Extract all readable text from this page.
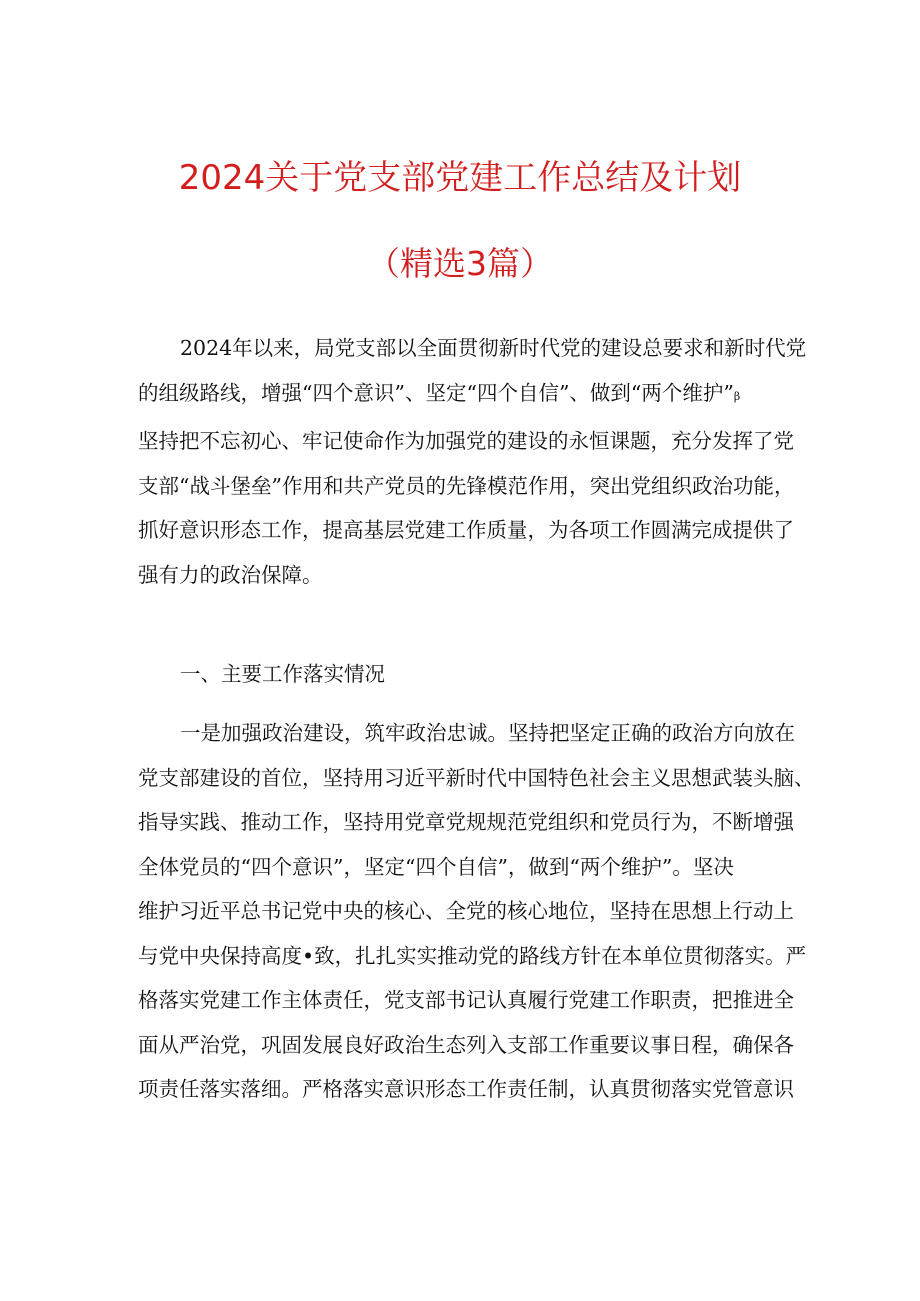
2024关于党支部党建工作总结及计划
（精选3篇）
2024年以来，局党支部以全面贯彻新时代党的建设总要求和新时代党
的组级路线，增强“四个意识”、坚定“四个自信”、做到“两个维护”β
坚持把不忘初心、牢记使命作为加强党的建设的永恒课题，充分发挥了党
支部“战斗堡垒”作用和共产党员的先锋模范作用，突出党组织政治功能，
抓好意识形态工作，提高基层党建工作质量，为各项工作圆满完成提供了
强有力的政治保障。
一、主要工作落实情况
一是加强政治建设，筑牢政治忠诚。坚持把坚定正确的政治方向放在
党支部建设的首位，坚持用习近平新时代中国特色社会主义思想武装头脑、
指导实践、推动工作，坚持用党章党规规范党组织和党员行为，不断增强
全体党员的“四个意识”，坚定“四个自信”，做到“两个维护”。坚决
维护习近平总书记党中央的核心、全党的核心地位，坚持在思想上行动上
与党中央保持高度•致，扎扎实实推动党的路线方针在本单位贯彻落实。严
格落实党建工作主体责任，党支部书记认真履行党建工作职责，把推进全
面从严治党，巩固发展良好政治生态列入支部工作重要议事日程，确保各
项责任落实落细。严格落实意识形态工作责任制，认真贯彻落实党管意识
